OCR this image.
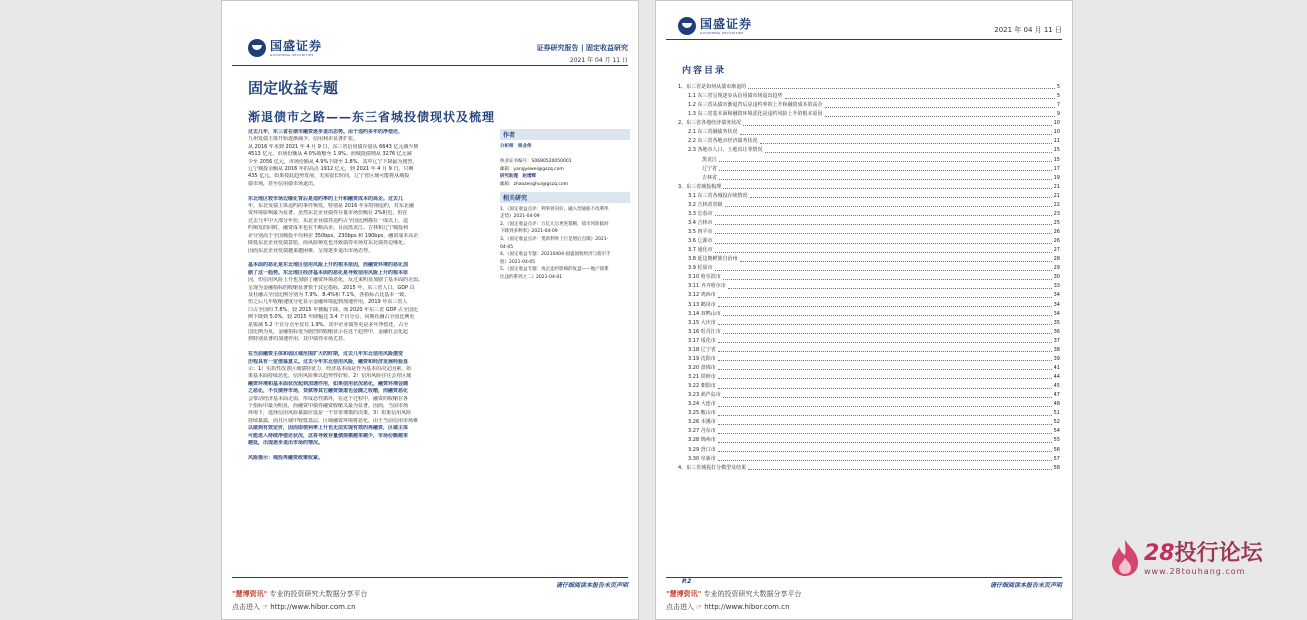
国盛证券
GUOSHENG SECURITIES
证券研究报告 | 固定收益研究
2021 年 04 月 11 日
固定收益专题
渐退债市之路——东三省城投债现状及梳理
过去几年，东三省在债市融资逐步退出态势。由于违约多年的净偿还，
九州发债主体开始逐渐减少，信用利差显著扩张。
从 2016 年末到 2021 年 4 月 9 日，东三省信用债存量从 6643 亿元减少到
4513 亿元，市场份额从 4.0%收缩至 1.9%。而城投债则从 3276 亿元减
少至 2056 亿元，市场份额从 4.9%下降至 1.8%。其中辽宁下降最为剧烈，
辽宁城投余额从 2016 年的高点 1912 亿元，到 2021 年 4 月 9 日，只剩
435 亿元。如果按此趋势发展，无需很长时间，辽宁省区域可能将从城投
债市场，甚至信用债市场退出。

东北地区较市场边缘化背后是违约率的上升和融资成本的高企。过去几
年，东北发债主体违约的事件频发，特别是 2016 年东特钢违约，对东北融
资环境影响最为显著。虽然东北企业债券存量市场份额在 2%附近，但在
过去几年中大部分年份，东北企业债券违约占全国比例都在一成以上，违
约频发的同时，融资成本也在不断高企，目前黑龙江、吉林和辽宁城投利
差分别高于全国城投平均利差 350bps、230bps 和 190bps，融资成本高企
降低东北企业发债意愿，而风险频发也导致债券市场对东北债券边缘化。
因而东北企业发债越来越困难，呈现逐步退出市场态势。

基本面的恶化是东北地区信用风险上升的根本原因，而融资环境的恶化加
剧了这一趋势。东北地区经济基本面的恶化是导致信用风险上升的根本原
因，但信用风险上升也加剧了融资环境恶化，反过来明显加剧了基本面的走弱。
呈现为金融指标的收缩显著快于其它指标，2015 年，东三省人口、GDP 以
及社融占全国比例分别为 7.9%、8.4%和 7.1%，各指标占比基本一致。
但之后几年收缩速度分化显示金融环境起到加速作用，2019 年东三省人
口占全国的 7.8%，较 2015 年微幅下降，而 2020 年东三省 GDP 占全国比
例下降到 5.0%，较 2015 年降幅达 3.4 个百分点，同期社融占全国比例更
是锐减 5.2 个百分点至仅有 1.9%。其中企业债券更是多年净偿还，占全
国比例为负，金融指标变为剧烈的收缩显示在这个趋势中，金融社会化起
到特别显著的加速作用，其中债券市场尤甚。

在当前融资主体和弱区域范围扩大的时期，过去几年东北信用风险演变
历程具有一定借鉴意义。过去今年东北信用风险，融资和经济发展经验显
示：1）实质性改善区域债特征力，经济基本面是作为基本的决定因素，如
果基本面持续恶化，信用风险难以趋势性好转。2）信用风险往往会对区域
融资环境和基本面状况起到加速作用，如果信用状况恶化，融资环境会随
之恶化，不仅债券市场，贷款等其它融资渠道也会随之收缩，而融资恶化
会带动经济基本面走弱，形成恶性循环，在这个过程中，融资的收缩在各
个指标中最为明显，而融资中债券融资收缩又最为显著。因而，当前市场
环境下，选择信用风险暴露应设是一个非常谨慎的决策。3）如果信用风险
持续暴露，而且区域中较低基层，区域融资环境将恶化，由于当前信用市场难
以做到有效定价，因而即使利率上升也无法实现有效的再融资，区域主体
可能进入持续净偿还状况，这将导致存量债规模越来越少，市场份额越来
越低，出现逐步退出市场的情况。

风险提示：城投再融资政策收紧。
作者
分析师　杨业伟

执业证书编号：S0680520050001
邮箱：yangyewei@gszq.com
研究助理　赵增辉
邮箱：zhaozenghui@gszq.com
相关研究
1、《固定收益点评：利率曾向好，融入型通胀不改利率
走势》2021-04-09
2、《固定收益点评：万亿元后更进都断，债市风险临时
下降到多利率》2021-04-09
3、《固定收益点评：货款利率上行是增后点缀》2021-
04-05
4、《固定收益专题：20210404-国盛固收经济与债市手
册》2021-04-05
5、《固定收益专题：再企违约影响的复盘——地产债系
区违约系列之二》2021-04-01
"慧博资讯" 专业的投资研究大数据分享平台
请仔细阅读本报告末页声明
点击进入 ☞ http://www.hibor.com.cn
国盛证券
GUOSHENG SECURITIES	2021 年 04 月 11 日
内容目录
1、东三省是如何从债市渐退的	5
1.1 东三省呈现逐步从信用债市场退出趋势	5
1.2 东三省从债市渐退背后是违约率的上升和融资成本的高企	7
1.3 东三省基本面和融资环境恶化是违约风险上升的根本原因	9
2、东三省各地经济债务状况	10
2.1 东三省融债务状况	10
2.2 东三省各地市经济债务状况	11
2.3 各地市人口、土地出让等情况	15
黑龙江	15
辽宁省	17
吉林省	19
3、东三省城投梳理	21
3.1 东三省各城投存续情况	21
3.2 吉林省省级	22
3.3 长春市	23
3.4 吉林市	25
3.5 四平市	26
3.6 辽源市	26
3.7 通化市	27
3.8 延边朝鲜族自治州	28
3.9 松原市	29
3.10 哈尔滨市	30
3.11 齐齐哈尔市	33
3.12 鸡西市	34
3.13 鹤岗市	34
3.14 双鸭山市	34
3.15 大庆市	35
3.16 牡丹江市	36
3.17 绥化市	37
3.18 辽宁省	38
3.19 沈阳市	39
3.20 盘锦市	41
3.21 铁岭市	44
3.22 朝阳市	45
3.23 葫芦岛市	47
3.24 大连市	48
3.25 鞍山市	51
3.26 本溪市	52
3.27 丹东市	54
3.28 锦州市	55
3.29 营口市	56
3.30 阜新市	57
4、东三省城投打分模型及结果	58
P.2
请仔细阅读本报告末页声明
"慧博资讯" 专业的投资研究大数据分享平台
点击进入 ☞ http://www.hibor.com.cn
28投行论坛
www.28touhang.com
